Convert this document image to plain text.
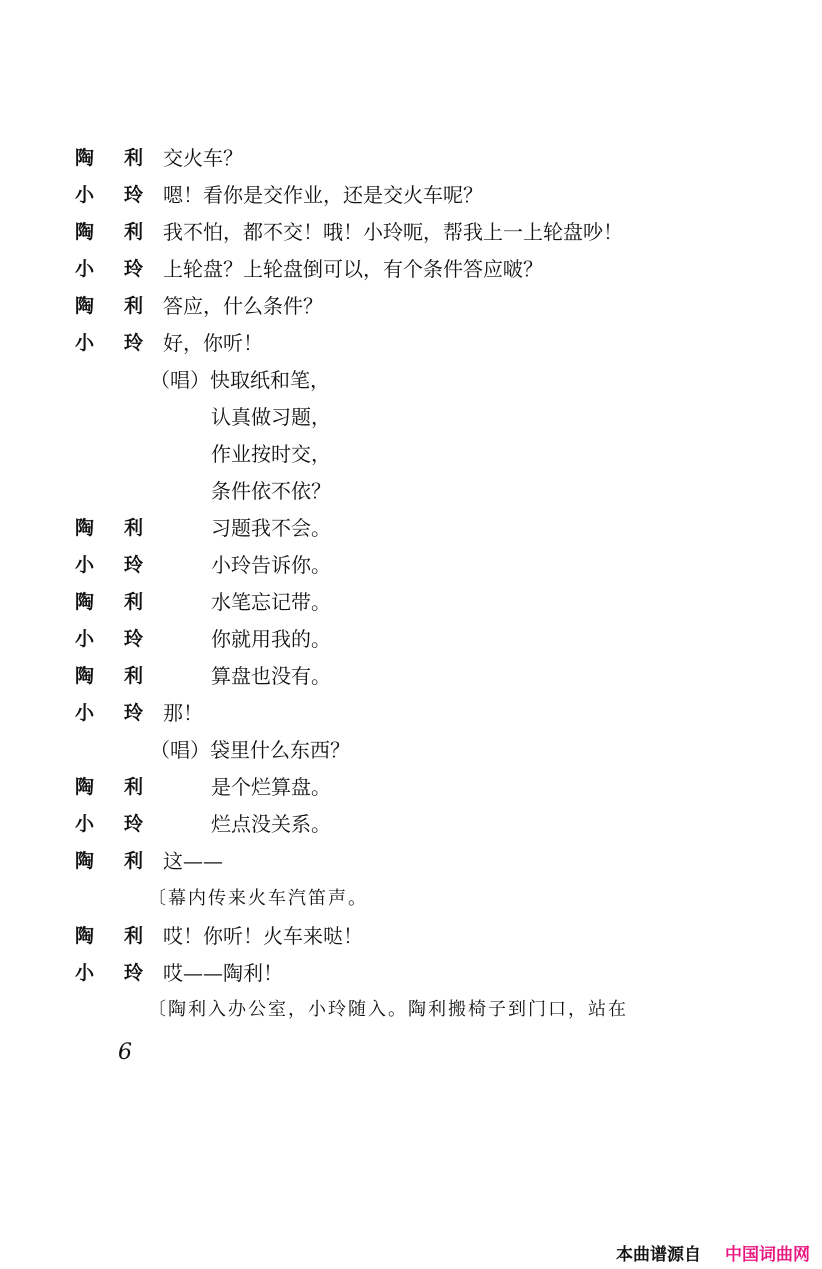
陶 利 交火车？
小 玲 嗯！看你是交作业，还是交火车呢？
陶 利 我不怕，都不交！哦！小玲呃，帮我上一上轮盘吵！
小 玲 上轮盘？上轮盘倒可以，有个条件答应啵？
陶 利 答应，什么条件？
小 玲 好，你听！
（唱）快取纸和笔，
认真做习题，
作业按时交，
条件依不依？
陶 利	习题我不会。
小 玲	小玲告诉你。
陶 利	水笔忘记带。
小 玲	你就用我的。
陶 利	算盘也没有。
小 玲 那！
（唱）袋里什么东西？
陶 利	是个烂算盘。
小 玲	烂点没关系。
陶 利 这——
〔幕内传来火车汽笛声。
陶 利 哎！你听！火车来哒！
小 玲 哎——陶利！
〔陶利入办公室，小玲随入。陶利搬椅子到门口，站在
6
本曲谱源自 中国词曲网
